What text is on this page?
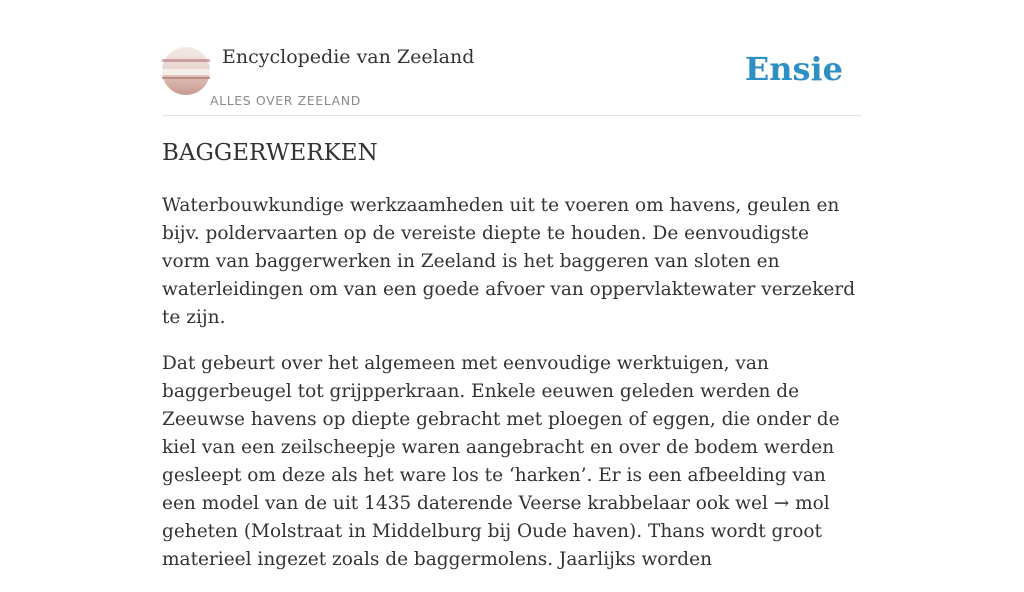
Encyclopedie van Zeeland
ALLES OVER ZEELAND
Ensie
BAGGERWERKEN

Waterbouwkundige werkzaamheden uit te voeren om havens, geulen en bijv. poldervaarten op de vereiste diepte te houden. De eenvoudigste vorm van baggerwerken in Zeeland is het baggeren van sloten en waterleidingen om van een goede afvoer van oppervlaktewater verzekerd te zijn.

Dat gebeurt over het algemeen met eenvoudige werktuigen, van baggerbeugel tot grijpperkraan. Enkele eeuwen geleden werden de Zeeuwse havens op diepte gebracht met ploegen of eggen, die onder de kiel van een zeilscheepje waren aangebracht en over de bodem werden gesleept om deze als het ware los te ‘harken’. Er is een afbeelding van een model van de uit 1435 daterende Veerse krabbelaar ook wel → mol geheten (Molstraat in Middelburg bij Oude haven). Thans wordt groot materieel ingezet zoals de baggermolens. Jaarlijks worden
